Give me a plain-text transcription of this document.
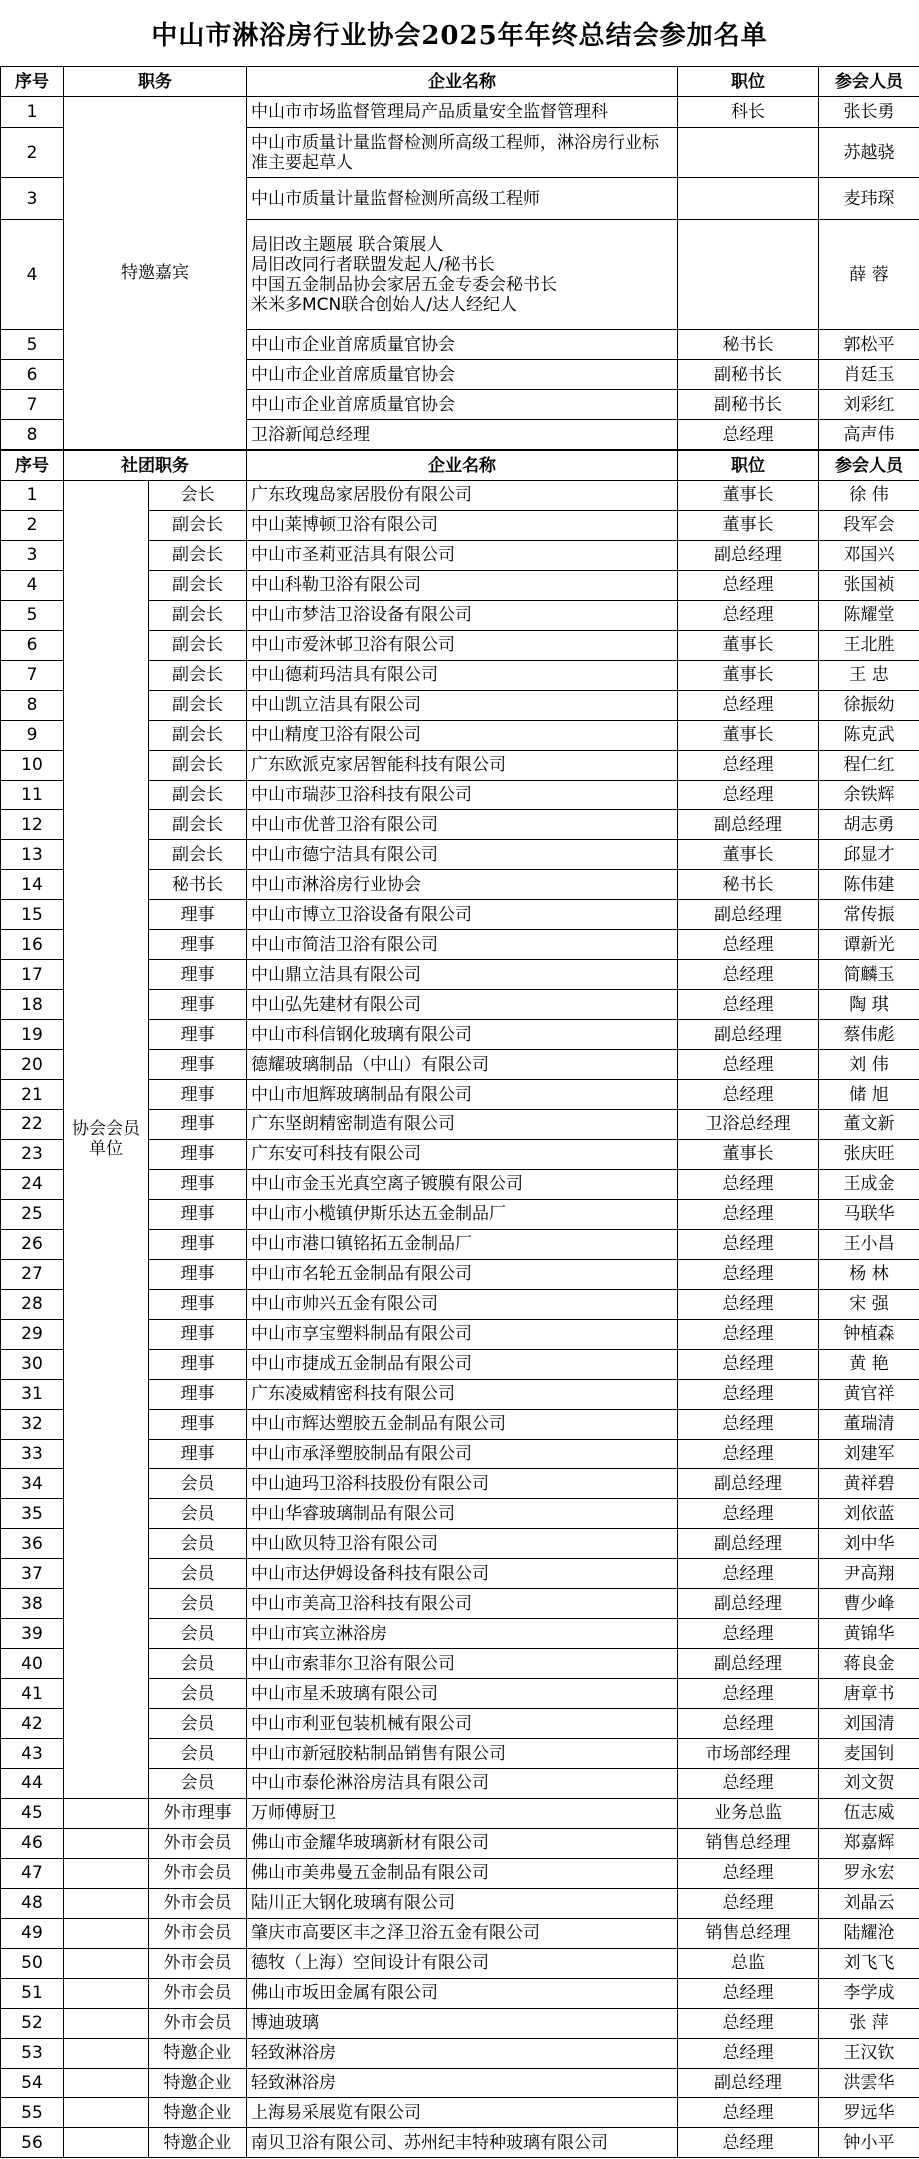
中山市淋浴房行业协会2025年年终总结会参加名单
序号	职务	企业名称	职位	参会人员
1	特邀嘉宾	中山市市场监督管理局产品质量安全监督管理科	科长	张长勇
2		中山市质量计量监督检测所高级工程师，淋浴房行业标准主要起草人		苏越骁
3		中山市质量计量监督检测所高级工程师		麦玮琛
4		局旧改主题展 联合策展人
局旧改同行者联盟发起人/秘书长
中国五金制品协会家居五金专委会秘书长
米米多MCN联合创始人/达人经纪人		薛 蓉
5		中山市企业首席质量官协会	秘书长	郭松平
6		中山市企业首席质量官协会	副秘书长	肖廷玉
7		中山市企业首席质量官协会	副秘书长	刘彩红
8		卫浴新闻总经理	总经理	高声伟
序号	社团职务		企业名称	职位	参会人员
1	协会会员单位	会长	广东玫瑰岛家居股份有限公司	董事长	徐 伟
2		副会长	中山莱博顿卫浴有限公司	董事长	段军会
3		副会长	中山市圣莉亚洁具有限公司	副总经理	邓国兴
4		副会长	中山科勒卫浴有限公司	总经理	张国祯
5		副会长	中山市梦洁卫浴设备有限公司	总经理	陈耀堂
6		副会长	中山市爱沐邨卫浴有限公司	董事长	王北胜
7		副会长	中山德莉玛洁具有限公司	董事长	王 忠
8		副会长	中山凯立洁具有限公司	总经理	徐振幼
9		副会长	中山精度卫浴有限公司	董事长	陈克武
10		副会长	广东欧派克家居智能科技有限公司	总经理	程仁红
11		副会长	中山市瑞莎卫浴科技有限公司	总经理	余铁辉
12		副会长	中山市优普卫浴有限公司	副总经理	胡志勇
13		副会长	中山市德宁洁具有限公司	董事长	邱显才
14		秘书长	中山市淋浴房行业协会	秘书长	陈伟建
15		理事	中山市博立卫浴设备有限公司	副总经理	常传振
16		理事	中山市简洁卫浴有限公司	总经理	谭新光
17		理事	中山鼎立洁具有限公司	总经理	简麟玉
18		理事	中山弘先建材有限公司	总经理	陶 琪
19		理事	中山市科信钢化玻璃有限公司	副总经理	蔡伟彪
20		理事	德耀玻璃制品（中山）有限公司	总经理	刘 伟
21		理事	中山市旭辉玻璃制品有限公司	总经理	储 旭
22		理事	广东坚朗精密制造有限公司	卫浴总经理	董文新
23		理事	广东安可科技有限公司	董事长	张庆旺
24		理事	中山市金玉光真空离子镀膜有限公司	总经理	王成金
25		理事	中山市小榄镇伊斯乐达五金制品厂	总经理	马联华
26		理事	中山市港口镇铭拓五金制品厂	总经理	王小昌
27		理事	中山市名轮五金制品有限公司	总经理	杨 林
28		理事	中山市帅兴五金有限公司	总经理	宋 强
29		理事	中山市享宝塑料制品有限公司	总经理	钟植森
30		理事	中山市捷成五金制品有限公司	总经理	黄 艳
31		理事	广东凌威精密科技有限公司	总经理	黄官祥
32		理事	中山市辉达塑胶五金制品有限公司	总经理	董瑞清
33		理事	中山市承泽塑胶制品有限公司	总经理	刘建军
34		会员	中山迪玛卫浴科技股份有限公司	副总经理	黄祥碧
35		会员	中山华睿玻璃制品有限公司	总经理	刘依蓝
36		会员	中山欧贝特卫浴有限公司	副总经理	刘中华
37		会员	中山市达伊姆设备科技有限公司	总经理	尹高翔
38		会员	中山市美高卫浴科技有限公司	副总经理	曹少峰
39		会员	中山市宾立淋浴房	总经理	黄锦华
40		会员	中山市索菲尔卫浴有限公司	副总经理	蒋良金
41		会员	中山市星禾玻璃有限公司	总经理	唐章书
42		会员	中山市利亚包装机械有限公司	总经理	刘国清
43		会员	中山市新冠胶粘制品销售有限公司	市场部经理	麦国钊
44		会员	中山市泰伦淋浴房洁具有限公司	总经理	刘文贺
45		外市理事	万师傅厨卫	业务总监	伍志威
46		外市会员	佛山市金耀华玻璃新材有限公司	销售总经理	郑嘉辉
47		外市会员	佛山市美弗曼五金制品有限公司	总经理	罗永宏
48		外市会员	陆川正大钢化玻璃有限公司	总经理	刘晶云
49		外市会员	肇庆市高要区丰之泽卫浴五金有限公司	销售总经理	陆耀沧
50		外市会员	德牧（上海）空间设计有限公司	总监	刘飞飞
51		外市会员	佛山市坂田金属有限公司	总经理	李学成
52		外市会员	博迪玻璃	总经理	张 萍
53		特邀企业	轻致淋浴房	总经理	王汉钦
54		特邀企业	轻致淋浴房	副总经理	洪雲华
55		特邀企业	上海易采展览有限公司	总经理	罗远华
56		特邀企业	南贝卫浴有限公司、苏州纪丰特种玻璃有限公司	总经理	钟小平
